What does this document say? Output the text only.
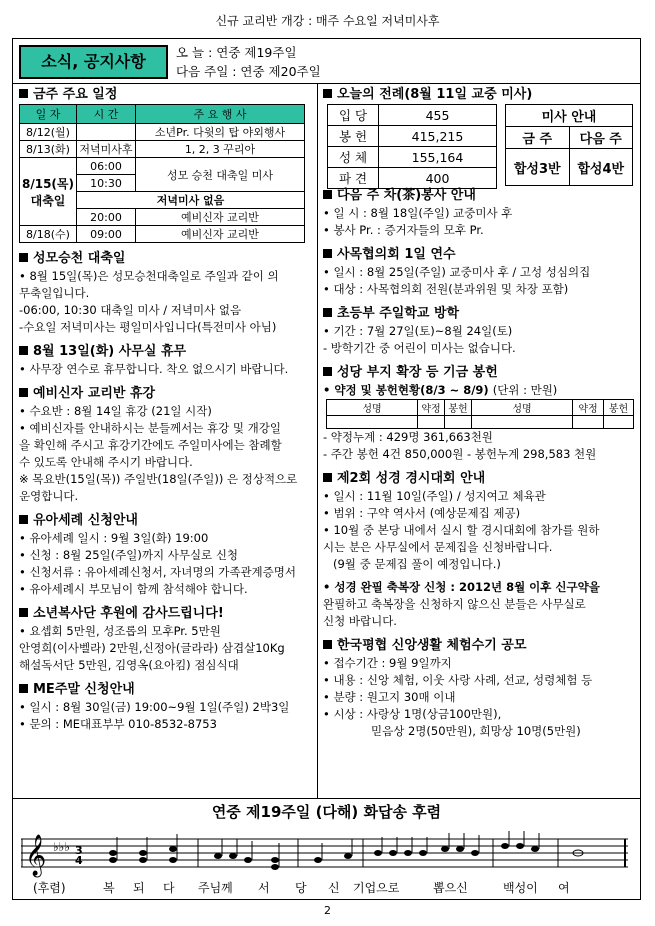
신규 교리반 개강 : 매주 수요일 저녁미사후
소식, 공지사항	오 늘 : 연중 제19주일
다음 주일 : 연중 제20주일

금주 주요 일정

일 자	시 간	주 요 행 사
8/12(월)		소년Pr. 다윗의 탑 야외행사
8/13(화)	저녁미사후	1, 2, 3 꾸리아
8/15(목) 대축일	06:00	성모 승천 대축일 미사
	10:30	
	저녁미사 없음	
	20:00	예비신자 교리반
8/18(수)	09:00	예비신자 교리반

성모승천 대축일

• 8월 15일(목)은 성모승천대축일로 주일과 같이 의

무축일입니다.

-06:00, 10:30 대축일 미사 / 저녁미사 없음

-수요일 저녁미사는 평일미사입니다(특전미사 아님)

8월 13일(화) 사무실 휴무

• 사무장 연수로 휴무합니다. 착오 없으시기 바랍니다.

예비신자 교리반 휴강

• 수요반 : 8월 14일 휴강 (21일 시작)

• 예비신자를 안내하시는 분들께서는 휴강 및 개강일

을 확인해 주시고 휴강기간에도 주일미사에는 참례할

수 있도록 안내해 주시기 바랍니다.

※ 목요반(15일(목)) 주일반(18일(주일)) 은 정상적으로

운영합니다.

유아세례 신청안내

• 유아세례 일시 : 9월 3일(화) 19:00

• 신청 : 8월 25일(주일)까지 사무실로 신청

• 신청서류 : 유아세례신청서, 자녀명의 가족관계증명서

• 유아세례시 부모님이 함께 참석해야 합니다.

소년복사단 후원에 감사드립니다!

• 요셉회 5만원, 성조롭의 모후Pr. 5만원

안영희(이사벨라) 2만원,신정아(글라라) 삼겹살10Kg

해설독서단 5만원, 김영옥(요아킴) 점심식대

ME주말 신청안내

• 일시 : 8월 30일(금) 19:00~9월 1일(주일) 2박3일

• 문의 : ME대표부부 010-8532-8753

오늘의 전례(8월 11일 교중 미사)

입 당	455
봉 헌	415,215
성 체	155,164
파 견	400
미사 안내	
금 주	다음 주
합성3반	합성4반

다음 주 차(茶)봉사 안내

• 일 시 : 8월 18일(주일) 교중미사 후

• 봉사 Pr. : 증거자들의 모후 Pr.

사목협의회 1일 연수

• 일시 : 8월 25일(주일) 교중미사 후 / 고성 성심의집

• 대상 : 사목협의회 전원(분과위원 및 차장 포함)

초등부 주일학교 방학

• 기간 : 7월 27일(토)~8월 24일(토)

- 방학기간 중 어린이 미사는 없습니다.

성당 부지 확장 등 기금 봉헌

• 약정 및 봉헌현황(8/3 ~ 8/9) (단위 : 만원)

성명	약정	봉헌	성명	약정	봉헌

- 약정누계 : 429명 361,663천원

- 주간 봉헌 4건 850,000원 - 봉헌누계 298,583 천원

제2회 성경 경시대회 안내

• 일시 : 11월 10일(주일) / 성지여고 체육관

• 범위 : 구약 역사서 (예상문제집 제공)

• 10월 중 본당 내에서 실시 할 경시대회에 참가를 원하

시는 분은 사무실에서 문제집을 신청바랍니다.

(9월 중 문제집 풀이 예정입니다.)

• 성경 완필 축복장 신청 : 2012년 8월 이후 신구약을

완필하고 축복장을 신청하지 않으신 분들은 사무실로

신청 바랍니다.

한국평협 신앙생활 체험수기 공모

• 접수기간 : 9월 9일까지

• 내용 : 신앙 체험, 이웃 사랑 사례, 선교, 성령체험 등

• 분량 : 원고지 30매 이내

• 시상 : 사랑상 1명(상금100만원),

믿음상 2명(50만원), 희망상 10명(5만원)

연중 제19주일 (다해) 화답송 후렴
𝄞 ♭♭♭ 3
4
(후렴)	복 되 다 주님께 서 당 신 기업으로	뽑으신	백성이 여
2
